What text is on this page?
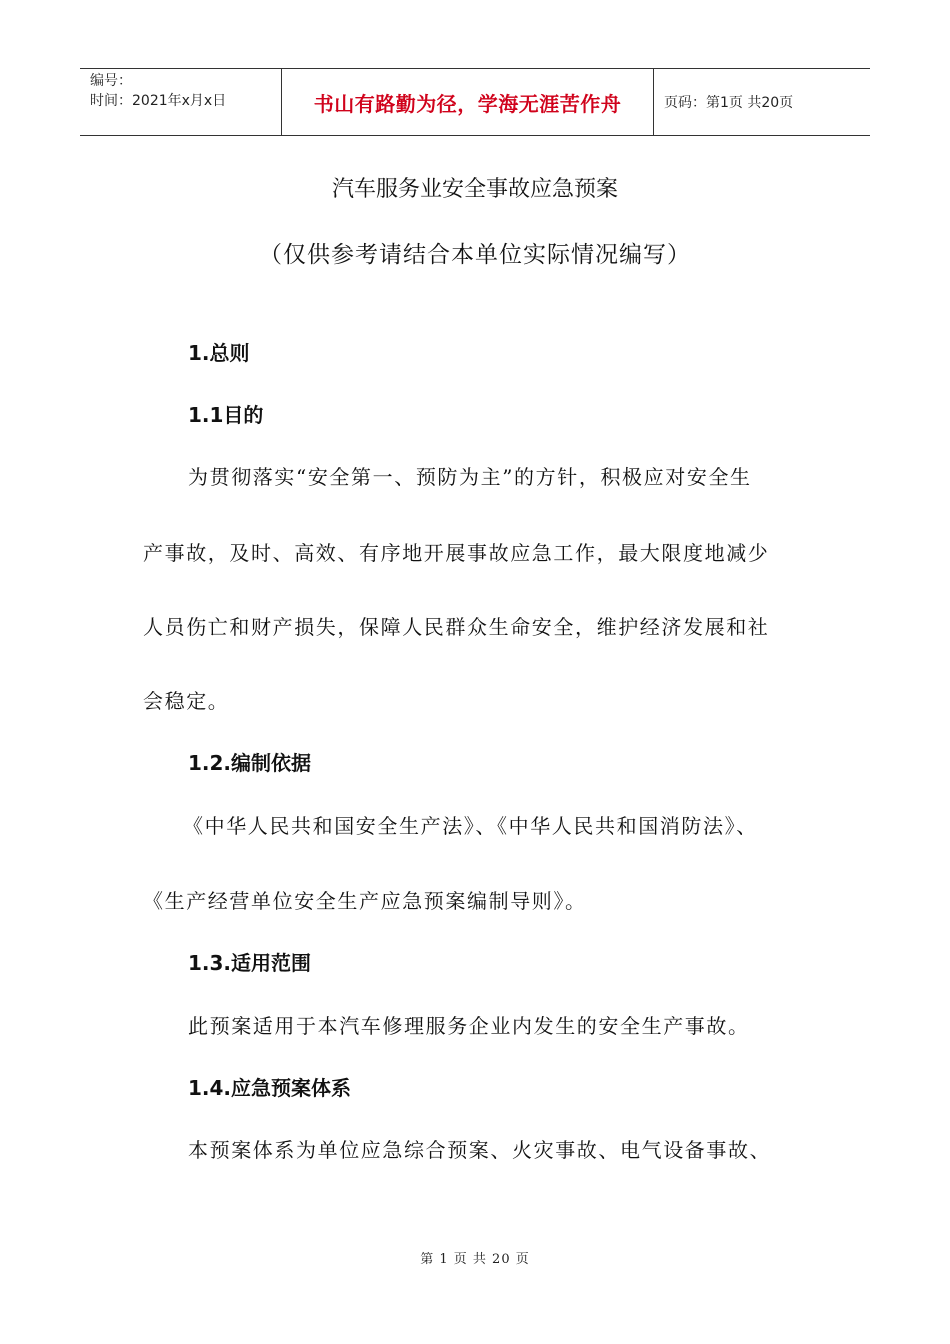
编号：
时间：2021年x月x日	书山有路勤为径，学海无涯苦作舟	页码：第1页 共20页
汽车服务业安全事故应急预案
（仅供参考请结合本单位实际情况编写）
1.总则
1.1目的
为贯彻落实“安全第一、预防为主”的方针，积极应对安全生
产事故，及时、高效、有序地开展事故应急工作，最大限度地减少
人员伤亡和财产损失，保障人民群众生命安全，维护经济发展和社
会稳定。
1.2.编制依据
《中华人民共和国安全生产法》、《中华人民共和国消防法》、
《生产经营单位安全生产应急预案编制导则》。
1.3.适用范围
此预案适用于本汽车修理服务企业内发生的安全生产事故。
1.4.应急预案体系
本预案体系为单位应急综合预案、火灾事故、电气设备事故、
第 1 页 共 20 页
